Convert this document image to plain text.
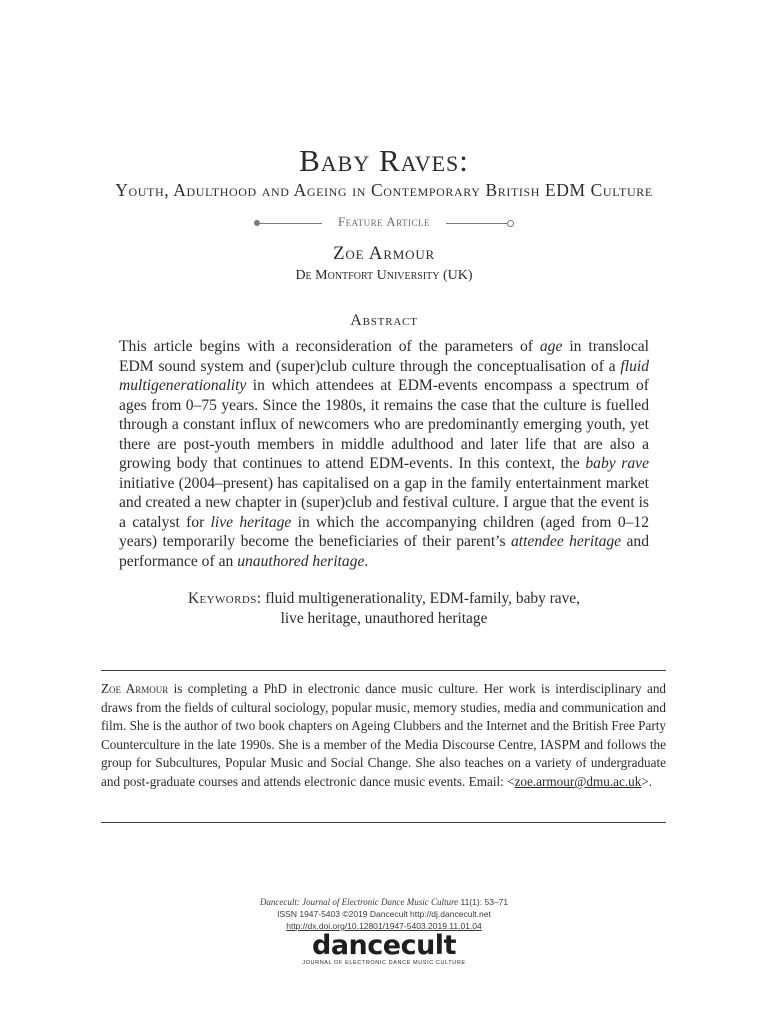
Baby Raves:
Youth, Adulthood and Ageing in Contemporary British EDM Culture
Feature Article
Zoe Armour
De Montfort University (UK)
Abstract
This article begins with a reconsideration of the parameters of age in translocal EDM sound system and (super)club culture through the conceptualisation of a fluid multigenerationality in which attendees at EDM-events encompass a spectrum of ages from 0–75 years. Since the 1980s, it remains the case that the culture is fuelled through a constant influx of newcomers who are predominantly emerging youth, yet there are post-youth members in middle adulthood and later life that are also a growing body that continues to attend EDM-events. In this context, the baby rave initiative (2004–present) has capitalised on a gap in the family entertainment market and created a new chapter in (super)club and festival culture. I argue that the event is a catalyst for live heritage in which the accompanying children (aged from 0–12 years) temporarily become the beneficiaries of their parent’s attendee heritage and performance of an unauthored heritage.
Keywords: fluid multigenerationality, EDM-family, baby rave,
live heritage, unauthored heritage
Zoe Armour is completing a PhD in electronic dance music culture. Her work is interdisciplinary and draws from the fields of cultural sociology, popular music, memory studies, media and communication and film. She is the author of two book chapters on Ageing Clubbers and the Internet and the British Free Party Counterculture in the late 1990s. She is a member of the Media Discourse Centre, IASPM and follows the group for Subcultures, Popular Music and Social Change. She also teaches on a variety of undergraduate and post-graduate courses and attends electronic dance music events. Email: <zoe.armour@dmu.ac.uk>.
Dancecult: Journal of Electronic Dance Music Culture 11(1): 53–71
ISSN 1947-5403 ©2019 Dancecult http://dj.dancecult.net
http://dx.doi.org/10.12801/1947-5403.2019.11.01.04
dancecult
JOURNAL OF ELECTRONIC DANCE MUSIC CULTURE
